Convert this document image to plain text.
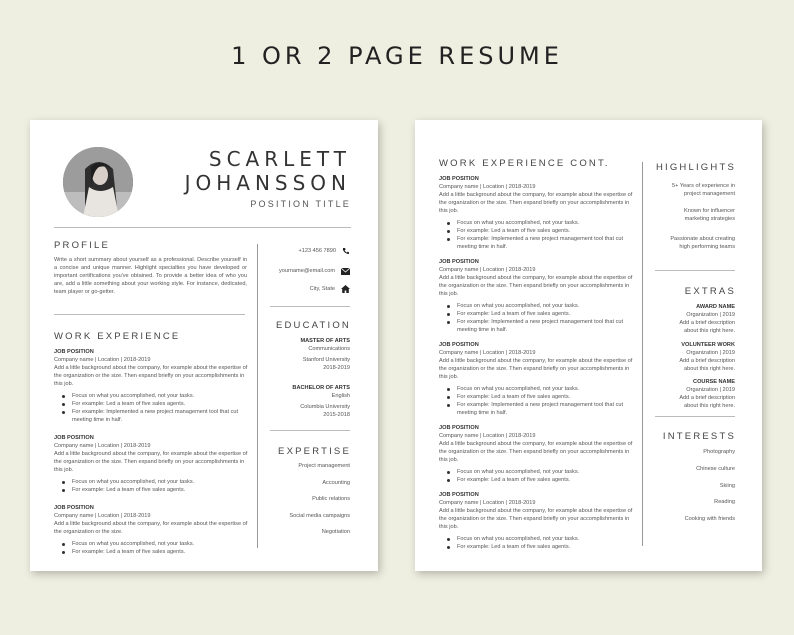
1 OR 2 PAGE RESUME
SCARLETT
JOHANSSON
POSITION TITLE
PROFILE
Write a short summary about yourself as a professional. Describe yourself in a concise and unique manner. Highlight specialties you have developed or important certifications you've obtained. To provide a better idea of who you are, add a little something about your working style. For instance, dedicated, team player or go-getter.
WORK EXPERIENCE
JOB POSITION
Company name | Location | 2018-2019
Add a little background about the company, for example about the expertise of the organization or the size. Then expand briefly on your accomplishments in this job.
Focus on what you accomplished, not your tasks.
For example: Led a team of five sales agents.
For example: Implemented a new project management tool that cut meeting time in half.
JOB POSITION
Company name | Location | 2018-2019
Add a little background about the company, for example about the expertise of the organization or the size. Then expand briefly on your accomplishments in this job.
Focus on what you accomplished, not your tasks.
For example: Led a team of five sales agents.
JOB POSITION
Company name | Location | 2018-2019
Add a little background about the company, for example about the expertise of the organization or the size.
Focus on what you accomplished, not your tasks.
For example: Led a team of five sales agents.
+123 456 7890
yourname@email.com
City, State
EDUCATION
MASTER OF ARTS
Communications
Stanford University
2018-2019
BACHELOR OF ARTS
English
Columbia University
2015-2018
EXPERTISE
Project management
Accounting
Public relations
Social media campaigns
Negotiation
WORK EXPERIENCE CONT.
JOB POSITION
Company name | Location | 2018-2019
Add a little background about the company, for example about the expertise of the organization or the size. Then expand briefly on your accomplishments in this job.
Focus on what you accomplished, not your tasks.
For example: Led a team of five sales agents.
For example: Implemented a new project management tool that cut meeting time in half.
JOB POSITION
Company name | Location | 2018-2019
Add a little background about the company, for example about the expertise of the organization or the size. Then expand briefly on your accomplishments in this job.
Focus on what you accomplished, not your tasks.
For example: Led a team of five sales agents.
For example: Implemented a new project management tool that cut meeting time in half.
JOB POSITION
Company name | Location | 2018-2019
Add a little background about the company, for example about the expertise of the organization or the size. Then expand briefly on your accomplishments in this job.
Focus on what you accomplished, not your tasks.
For example: Led a team of five sales agents.
For example: Implemented a new project management tool that cut meeting time in half.
JOB POSITION
Company name | Location | 2018-2019
Add a little background about the company, for example about the expertise of the organization or the size. Then expand briefly on your accomplishments in this job.
Focus on what you accomplished, not your tasks.
For example: Led a team of five sales agents.
JOB POSITION
Company name | Location | 2018-2019
Add a little background about the company, for example about the expertise of the organization or the size. Then expand briefly on your accomplishments in this job.
Focus on what you accomplished, not your tasks.
For example: Led a team of five sales agents.
HIGHLIGHTS
5+ Years of experience in
project management
Known for influencer
marketing strategies
Passionate about creating
high performing teams
EXTRAS
AWARD NAME
Organization | 2019
Add a brief description
about this right here.
VOLUNTEER WORK
Organization | 2019
Add a brief description
about this right here.
COURSE NAME
Organization | 2019
Add a brief description
about this right here.
INTERESTS
Photography
Chinese culture
Skiing
Reading
Cooking with friends
